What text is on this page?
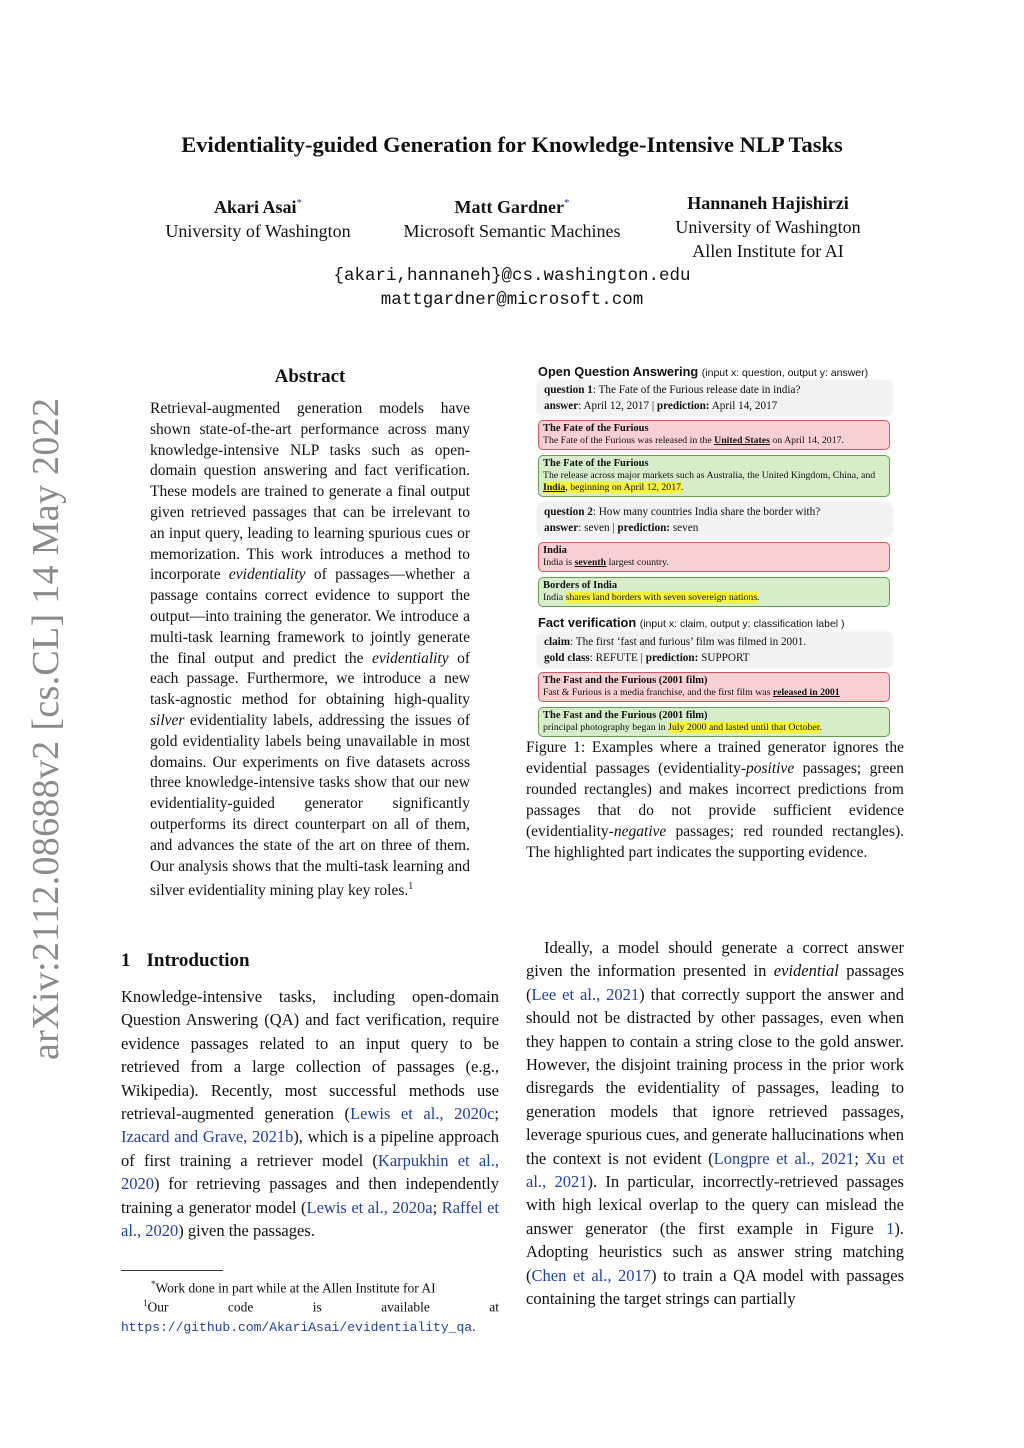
Evidentiality-guided Generation for Knowledge-Intensive NLP Tasks
Akari Asai*
University of Washington
Matt Gardner*
Microsoft Semantic Machines
Hannaneh Hajishirzi
University of Washington
Allen Institute for AI
{akari,hannaneh}@cs.washington.edu
mattgardner@microsoft.com
arXiv:2112.08688v2 [cs.CL] 14 May 2022
Abstract
Retrieval-augmented generation models have shown state-of-the-art performance across many knowledge-intensive NLP tasks such as open-domain question answering and fact verification. These models are trained to generate a final output given retrieved passages that can be irrelevant to an input query, leading to learning spurious cues or memorization. This work introduces a method to incorporate evidentiality of passages—whether a passage contains correct evidence to support the output—into training the generator. We introduce a multi-task learning framework to jointly generate the final output and predict the evidentiality of each passage. Furthermore, we introduce a new task-agnostic method for obtaining high-quality silver evidentiality labels, addressing the issues of gold evidentiality labels being unavailable in most domains. Our experiments on five datasets across three knowledge-intensive tasks show that our new evidentiality-guided generator significantly outperforms its direct counterpart on all of them, and advances the state of the art on three of them. Our analysis shows that the multi-task learning and silver evidentiality mining play key roles.$^1$
1 Introduction
Knowledge-intensive tasks, including open-domain Question Answering (QA) and fact verification, require evidence passages related to an input query to be retrieved from a large collection of passages (e.g., Wikipedia). Recently, most successful methods use retrieval-augmented generation (Lewis et al., 2020c; Izacard and Grave, 2021b), which is a pipeline approach of first training a retriever model (Karpukhin et al., 2020) for retrieving passages and then independently training a generator model (Lewis et al., 2020a; Raffel et al., 2020) given the passages.
*Work done in part while at the Allen Institute for AI
$^1$Our code is available at https://github.com/AkariAsai/evidentiality_qa.
Open Question Answering (input x: question, output y: answer)
question 1: The Fate of the Furious release date in india?
answer: April 12, 2017 | prediction: April 14, 2017
The Fate of the Furious
The Fate of the Furious was released in the United States on April 14, 2017.
The Fate of the Furious
The release across major markets such as Australia, the United Kingdom, China, and India, beginning on April 12, 2017.
question 2: How many countries India share the border with?
answer: seven | prediction: seven
India
India is seventh largest country.
Borders of India
India shares land borders with seven sovereign nations.
Fact verification (input x: claim, output y: classification label )
claim: The first ‘fast and furious’ film was filmed in 2001.
gold class: REFUTE | prediction: SUPPORT
The Fast and the Furious (2001 film)
Fast & Furious is a media franchise, and the first film was released in 2001
The Fast and the Furious (2001 film)
principal photography began in July 2000 and lasted until that October.
Figure 1: Examples where a trained generator ignores the evidential passages (evidentiality-positive passages; green rounded rectangles) and makes incorrect predictions from passages that do not provide sufficient evidence (evidentiality-negative passages; red rounded rectangles). The highlighted part indicates the supporting evidence.
Ideally, a model should generate a correct answer given the information presented in evidential passages (Lee et al., 2021) that correctly support the answer and should not be distracted by other passages, even when they happen to contain a string close to the gold answer. However, the disjoint training process in the prior work disregards the evidentiality of passages, leading to generation models that ignore retrieved passages, leverage spurious cues, and generate hallucinations when the context is not evident (Longpre et al., 2021; Xu et al., 2021). In particular, incorrectly-retrieved passages with high lexical overlap to the query can mislead the answer generator (the first example in Figure 1). Adopting heuristics such as answer string matching (Chen et al., 2017) to train a QA model with passages containing the target strings can partially
